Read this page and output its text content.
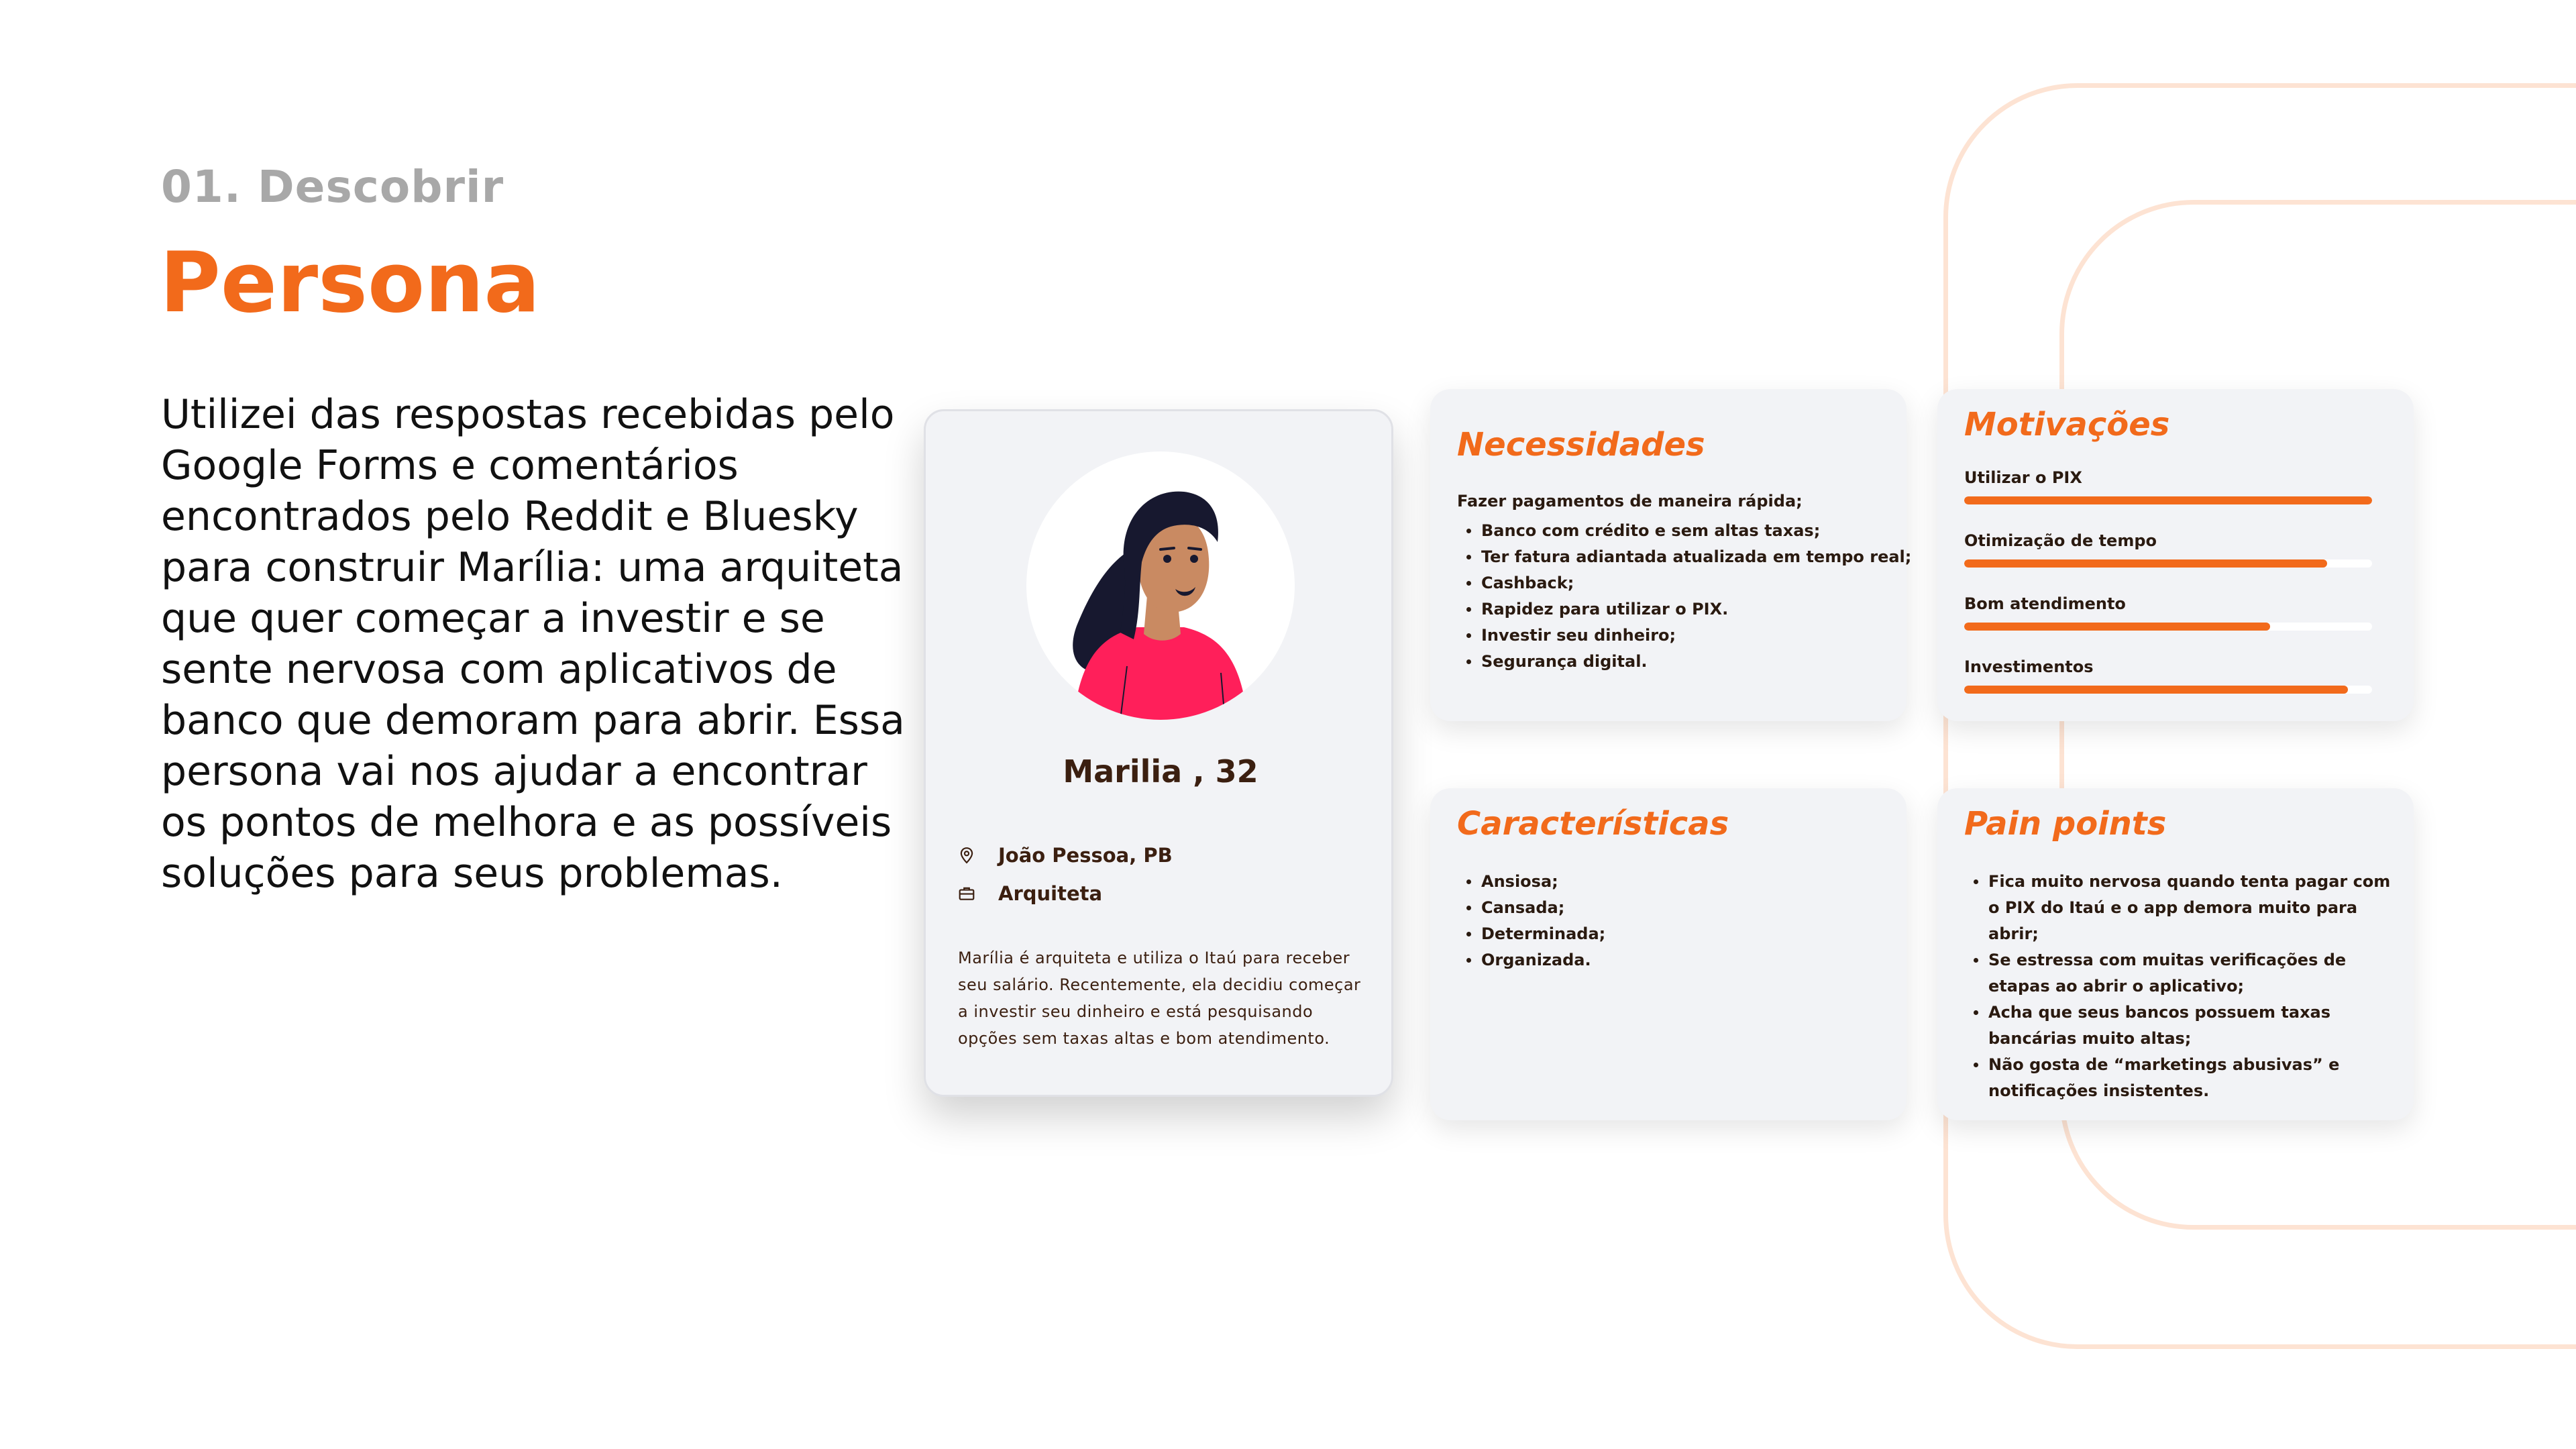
01. Descobrir
Persona

Utilizei das respostas recebidas pelo Google Forms e comentários encontrados pelo Reddit e Bluesky para construir Marília: uma arquiteta que quer começar a investir e se sente nervosa com aplicativos de banco que demoram para abrir. Essa persona vai nos ajudar a encontrar os pontos de melhora e as possíveis soluções para seus problemas.

Marilia , 32
João Pessoa, PB
Arquiteta

Marília é arquiteta e utiliza o Itaú para receber seu salário. Recentemente, ela decidiu começar a investir seu dinheiro e está pesquisando opções sem taxas altas e bom atendimento.

Necessidades
Fazer pagamentos de maneira rápida;
Banco com crédito e sem altas taxas;
Ter fatura adiantada atualizada em tempo real;
Cashback;
Rapidez para utilizar o PIX.
Investir seu dinheiro;
Segurança digital.
Motivações
Utilizar o PIX
Otimização de tempo
Bom atendimento
Investimentos
Características
Ansiosa;
Cansada;
Determinada;
Organizada.
Pain points
Fica muito nervosa quando tenta pagar com o PIX do Itaú e o app demora muito para abrir;
Se estressa com muitas verificações de etapas ao abrir o aplicativo;
Acha que seus bancos possuem taxas bancárias muito altas;
Não gosta de “marketings abusivas” e notificações insistentes.
